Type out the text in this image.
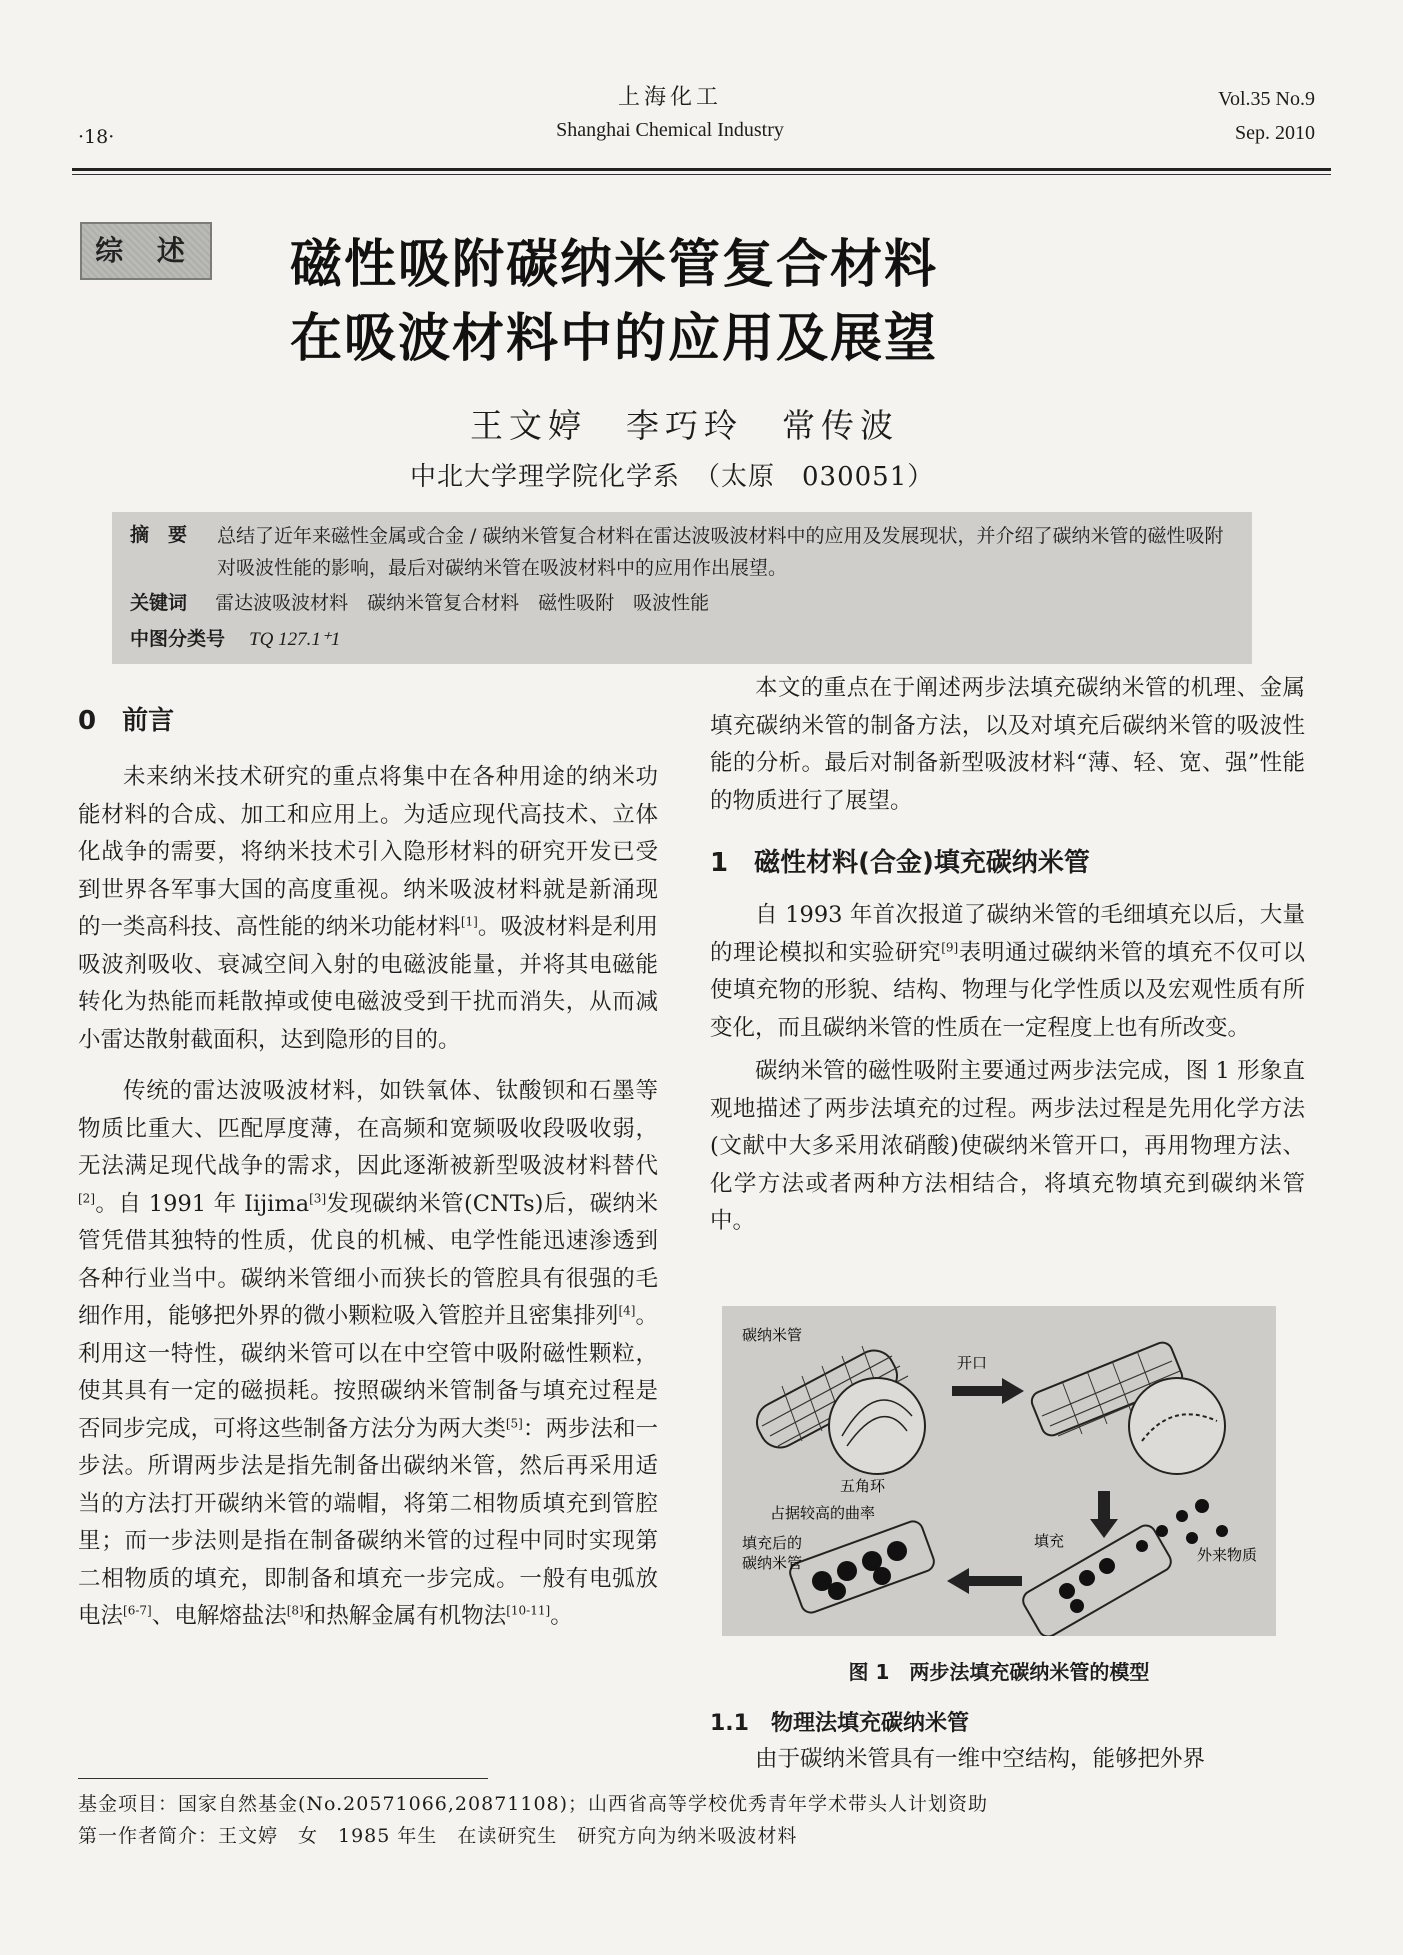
·18·
上海化工
Shanghai Chemical Industry
Vol.35 No.9
Sep. 2010
综 述 磁性吸附碳纳米管复合材料
在吸波材料中的应用及展望
王文婷　李巧玲　常传波
中北大学理学院化学系　（太原　030051）
摘　要 总结了近年来磁性金属或合金 / 碳纳米管复合材料在雷达波吸波材料中的应用及发展现状，并介绍了碳纳米管的磁性吸附对吸波性能的影响，最后对碳纳米管在吸波材料中的应用作出展望。
关键词 雷达波吸波材料　碳纳米管复合材料　磁性吸附　吸波性能
中图分类号 TQ 127.1⁺1
0　前言

未来纳米技术研究的重点将集中在各种用途的纳米功能材料的合成、加工和应用上。为适应现代高技术、立体化战争的需要，将纳米技术引入隐形材料的研究开发已受到世界各军事大国的高度重视。纳米吸波材料就是新涌现的一类高科技、高性能的纳米功能材料[1]。吸波材料是利用吸波剂吸收、衰减空间入射的电磁波能量，并将其电磁能转化为热能而耗散掉或使电磁波受到干扰而消失，从而减小雷达散射截面积，达到隐形的目的。

传统的雷达波吸波材料，如铁氧体、钛酸钡和石墨等物质比重大、匹配厚度薄，在高频和宽频吸收段吸收弱，无法满足现代战争的需求，因此逐渐被新型吸波材料替代[2]。自 1991 年 Iijima[3]发现碳纳米管(CNTs)后，碳纳米管凭借其独特的性质，优良的机械、电学性能迅速渗透到各种行业当中。碳纳米管细小而狭长的管腔具有很强的毛细作用，能够把外界的微小颗粒吸入管腔并且密集排列[4]。利用这一特性，碳纳米管可以在中空管中吸附磁性颗粒，使其具有一定的磁损耗。按照碳纳米管制备与填充过程是否同步完成，可将这些制备方法分为两大类[5]：两步法和一步法。所谓两步法是指先制备出碳纳米管，然后再采用适当的方法打开碳纳米管的端帽，将第二相物质填充到管腔里；而一步法则是指在制备碳纳米管的过程中同时实现第二相物质的填充，即制备和填充一步完成。一般有电弧放电法[6-7]、电解熔盐法[8]和热解金属有机物法[10-11]。

本文的重点在于阐述两步法填充碳纳米管的机理、金属填充碳纳米管的制备方法，以及对填充后碳纳米管的吸波性能的分析。最后对制备新型吸波材料“薄、轻、宽、强”性能的物质进行了展望。

1　磁性材料(合金)填充碳纳米管

自 1993 年首次报道了碳纳米管的毛细填充以后，大量的理论模拟和实验研究[9]表明通过碳纳米管的填充不仅可以使填充物的形貌、结构、物理与化学性质以及宏观性质有所变化，而且碳纳米管的性质在一定程度上也有所改变。

碳纳米管的磁性吸附主要通过两步法完成，图 1 形象直观地描述了两步法填充的过程。两步法过程是先用化学方法(文献中大多采用浓硝酸)使碳纳米管开口，再用物理方法、化学方法或者两种方法相结合，将填充物填充到碳纳米管中。

碳纳米管
开口
五角环
占据较高的曲率
填充后的
碳纳米管
填充
外来物质
图 1　两步法填充碳纳米管的模型
1.1　物理法填充碳纳米管

由于碳纳米管具有一维中空结构，能够把外界

基金项目：国家自然基金(No.20571066,20871108)；山西省高等学校优秀青年学术带头人计划资助
第一作者简介：王文婷　女　1985 年生　在读研究生　研究方向为纳米吸波材料
